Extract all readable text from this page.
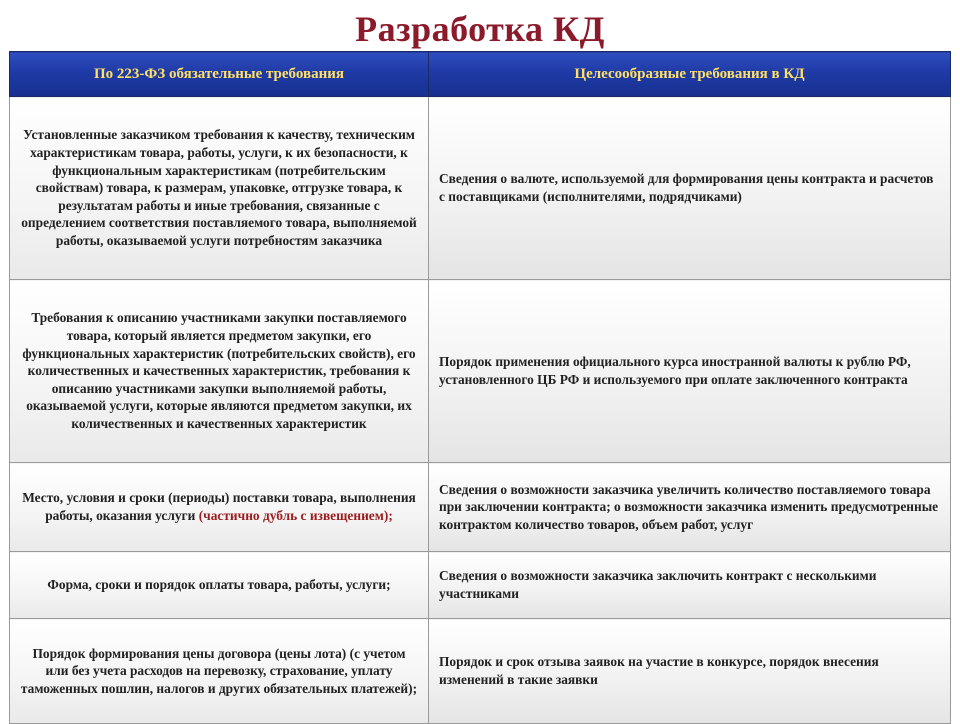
Разработка КД
По 223-ФЗ обязательные требования	Целесообразные требования в КД
Установленные заказчиком требования к качеству, техническим характеристикам товара, работы, услуги, к их безопасности, к функциональным характеристикам (потребительским свойствам) товара, к размерам, упаковке, отгрузке товара, к результатам работы и иные требования, связанные с определением соответствия поставляемого товара, выполняемой работы, оказываемой услуги потребностям заказчика	Сведения о валюте, используемой для формирования цены контракта и расчетов с поставщиками (исполнителями, подрядчиками)
Требования к описанию участниками закупки поставляемого товара, который является предметом закупки, его функциональных характеристик (потребительских свойств), его количественных и качественных характеристик, требования к описанию участниками закупки выполняемой работы, оказываемой услуги, которые являются предметом закупки, их количественных и качественных характеристик	Порядок применения официального курса иностранной валюты к рублю РФ, установленного ЦБ РФ и используемого при оплате заключенного контракта
Место, условия и сроки (периоды) поставки товара, выполнения работы, оказания услуги (частично дубль с извещением);	Сведения о возможности заказчика увеличить количество поставляемого товара при заключении контракта; о возможности заказчика изменить предусмотренные контрактом количество товаров, объем работ, услуг
Форма, сроки и порядок оплаты товара, работы, услуги;	Сведения о возможности заказчика заключить контракт с несколькими участниками
Порядок формирования цены договора (цены лота) (с учетом или без учета расходов на перевозку, страхование, уплату таможенных пошлин, налогов и других обязательных платежей);	Порядок и срок отзыва заявок на участие в конкурсе, порядок внесения изменений в такие заявки
